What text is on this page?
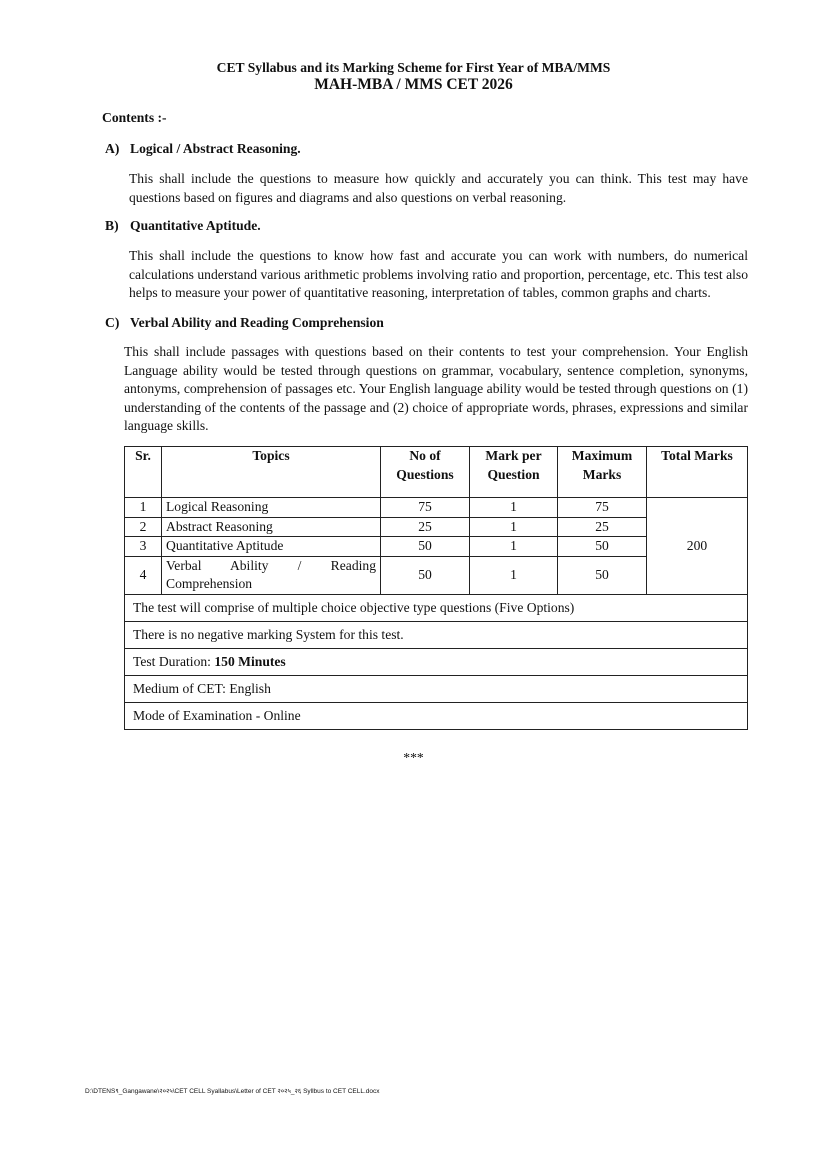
CET Syllabus and its Marking Scheme for First Year of MBA/MMS
MAH-MBA / MMS CET 2026
Contents :-
A) Logical / Abstract Reasoning.
This shall include the questions to measure how quickly and accurately you can think. This test may have questions based on figures and diagrams and also questions on verbal reasoning.
B) Quantitative Aptitude.
This shall include the questions to know how fast and accurate you can work with numbers, do numerical calculations understand various arithmetic problems involving ratio and proportion, percentage, etc. This test also helps to measure your power of quantitative reasoning, interpretation of tables, common graphs and charts.
C) Verbal Ability and Reading Comprehension
This shall include passages with questions based on their contents to test your comprehension. Your English Language ability would be tested through questions on grammar, vocabulary, sentence completion, synonyms, antonyms, comprehension of passages etc. Your English language ability would be tested through questions on (1) understanding of the contents of the passage and (2) choice of appropriate words, phrases, expressions and similar language skills.
Sr.	Topics	No of Questions	Mark per Question	Maximum Marks	Total Marks
1	Logical Reasoning	75	1	75	200
2	Abstract Reasoning	25	1	25	
3	Quantitative Aptitude	50	1	50	
4	Verbal Ability / Reading Comprehension	50	1	50	
The test will comprise of multiple choice objective type questions (Five Options)					
There is no negative marking System for this test.					
Test Duration: 150 Minutes					
Medium of CET: English					
Mode of Examination - Online					
***
D:\DTENS९_Gangawane\२०२५\CET CELL Syallabus\Letter of CET २०२५_२६ Syllbus to CET CELL.docx
